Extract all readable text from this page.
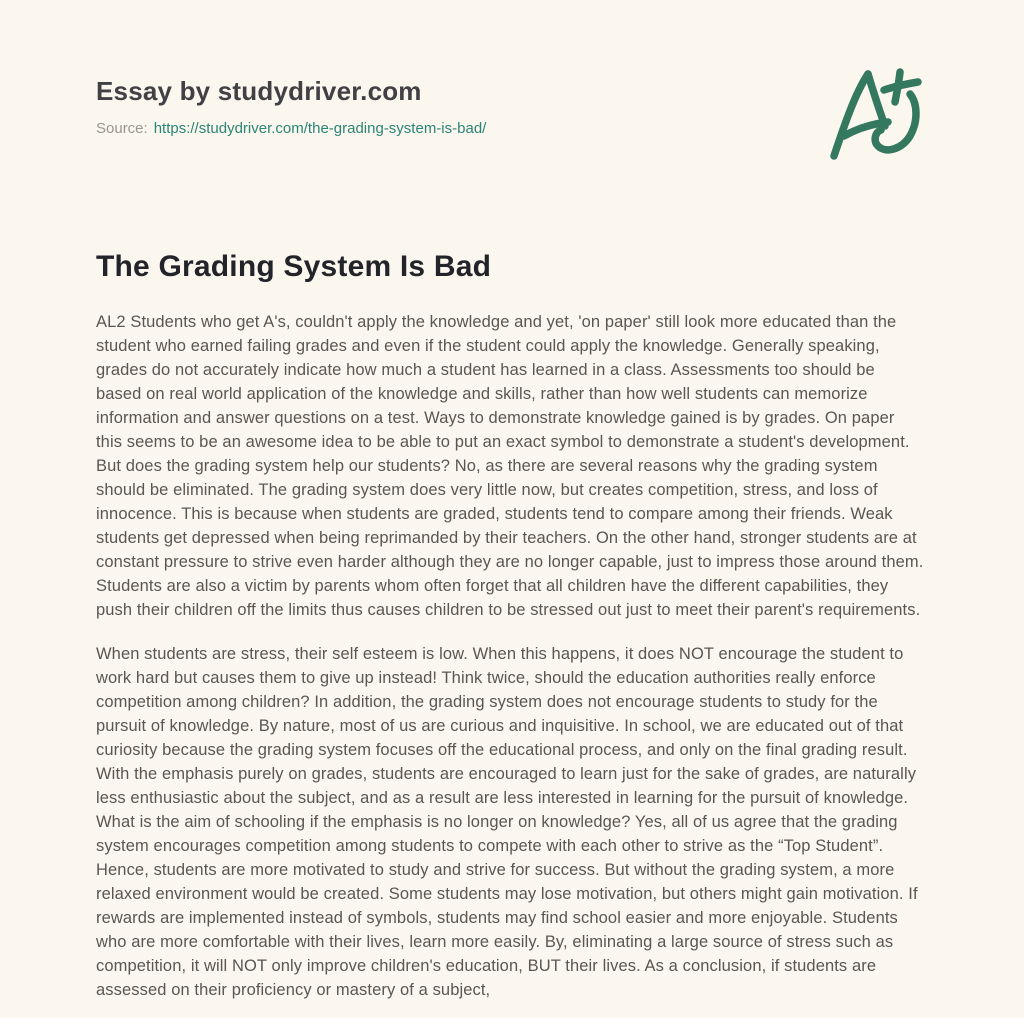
Essay by studydriver.com
Source: https://studydriver.com/the-grading-system-is-bad/
The Grading System Is Bad

AL2 Students who get A's, couldn't apply the knowledge and yet, 'on paper' still look more educated than the student who earned failing grades and even if the student could apply the knowledge. Generally speaking, grades do not accurately indicate how much a student has learned in a class. Assessments too should be based on real world application of the knowledge and skills, rather than how well students can memorize information and answer questions on a test. Ways to demonstrate knowledge gained is by grades. On paper this seems to be an awesome idea to be able to put an exact symbol to demonstrate a student's development. But does the grading system help our students? No, as there are several reasons why the grading system should be eliminated. The grading system does very little now, but creates competition, stress, and loss of innocence. This is because when students are graded, students tend to compare among their friends. Weak students get depressed when being reprimanded by their teachers. On the other hand, stronger students are at constant pressure to strive even harder although they are no longer capable, just to impress those around them. Students are also a victim by parents whom often forget that all children have the different capabilities, they push their children off the limits thus causes children to be stressed out just to meet their parent's requirements.

When students are stress, their self esteem is low. When this happens, it does NOT encourage the student to work hard but causes them to give up instead! Think twice, should the education authorities really enforce competition among children? In addition, the grading system does not encourage students to study for the pursuit of knowledge. By nature, most of us are curious and inquisitive. In school, we are educated out of that curiosity because the grading system focuses off the educational process, and only on the final grading result. With the emphasis purely on grades, students are encouraged to learn just for the sake of grades, are naturally less enthusiastic about the subject, and as a result are less interested in learning for the pursuit of knowledge. What is the aim of schooling if the emphasis is no longer on knowledge? Yes, all of us agree that the grading system encourages competition among students to compete with each other to strive as the “Top Student”. Hence, students are more motivated to study and strive for success. But without the grading system, a more relaxed environment would be created. Some students may lose motivation, but others might gain motivation. If rewards are implemented instead of symbols, students may find school easier and more enjoyable. Students who are more comfortable with their lives, learn more easily. By, eliminating a large source of stress such as competition, it will NOT only improve children's education, BUT their lives. As a conclusion, if students are assessed on their proficiency or mastery of a subject,
